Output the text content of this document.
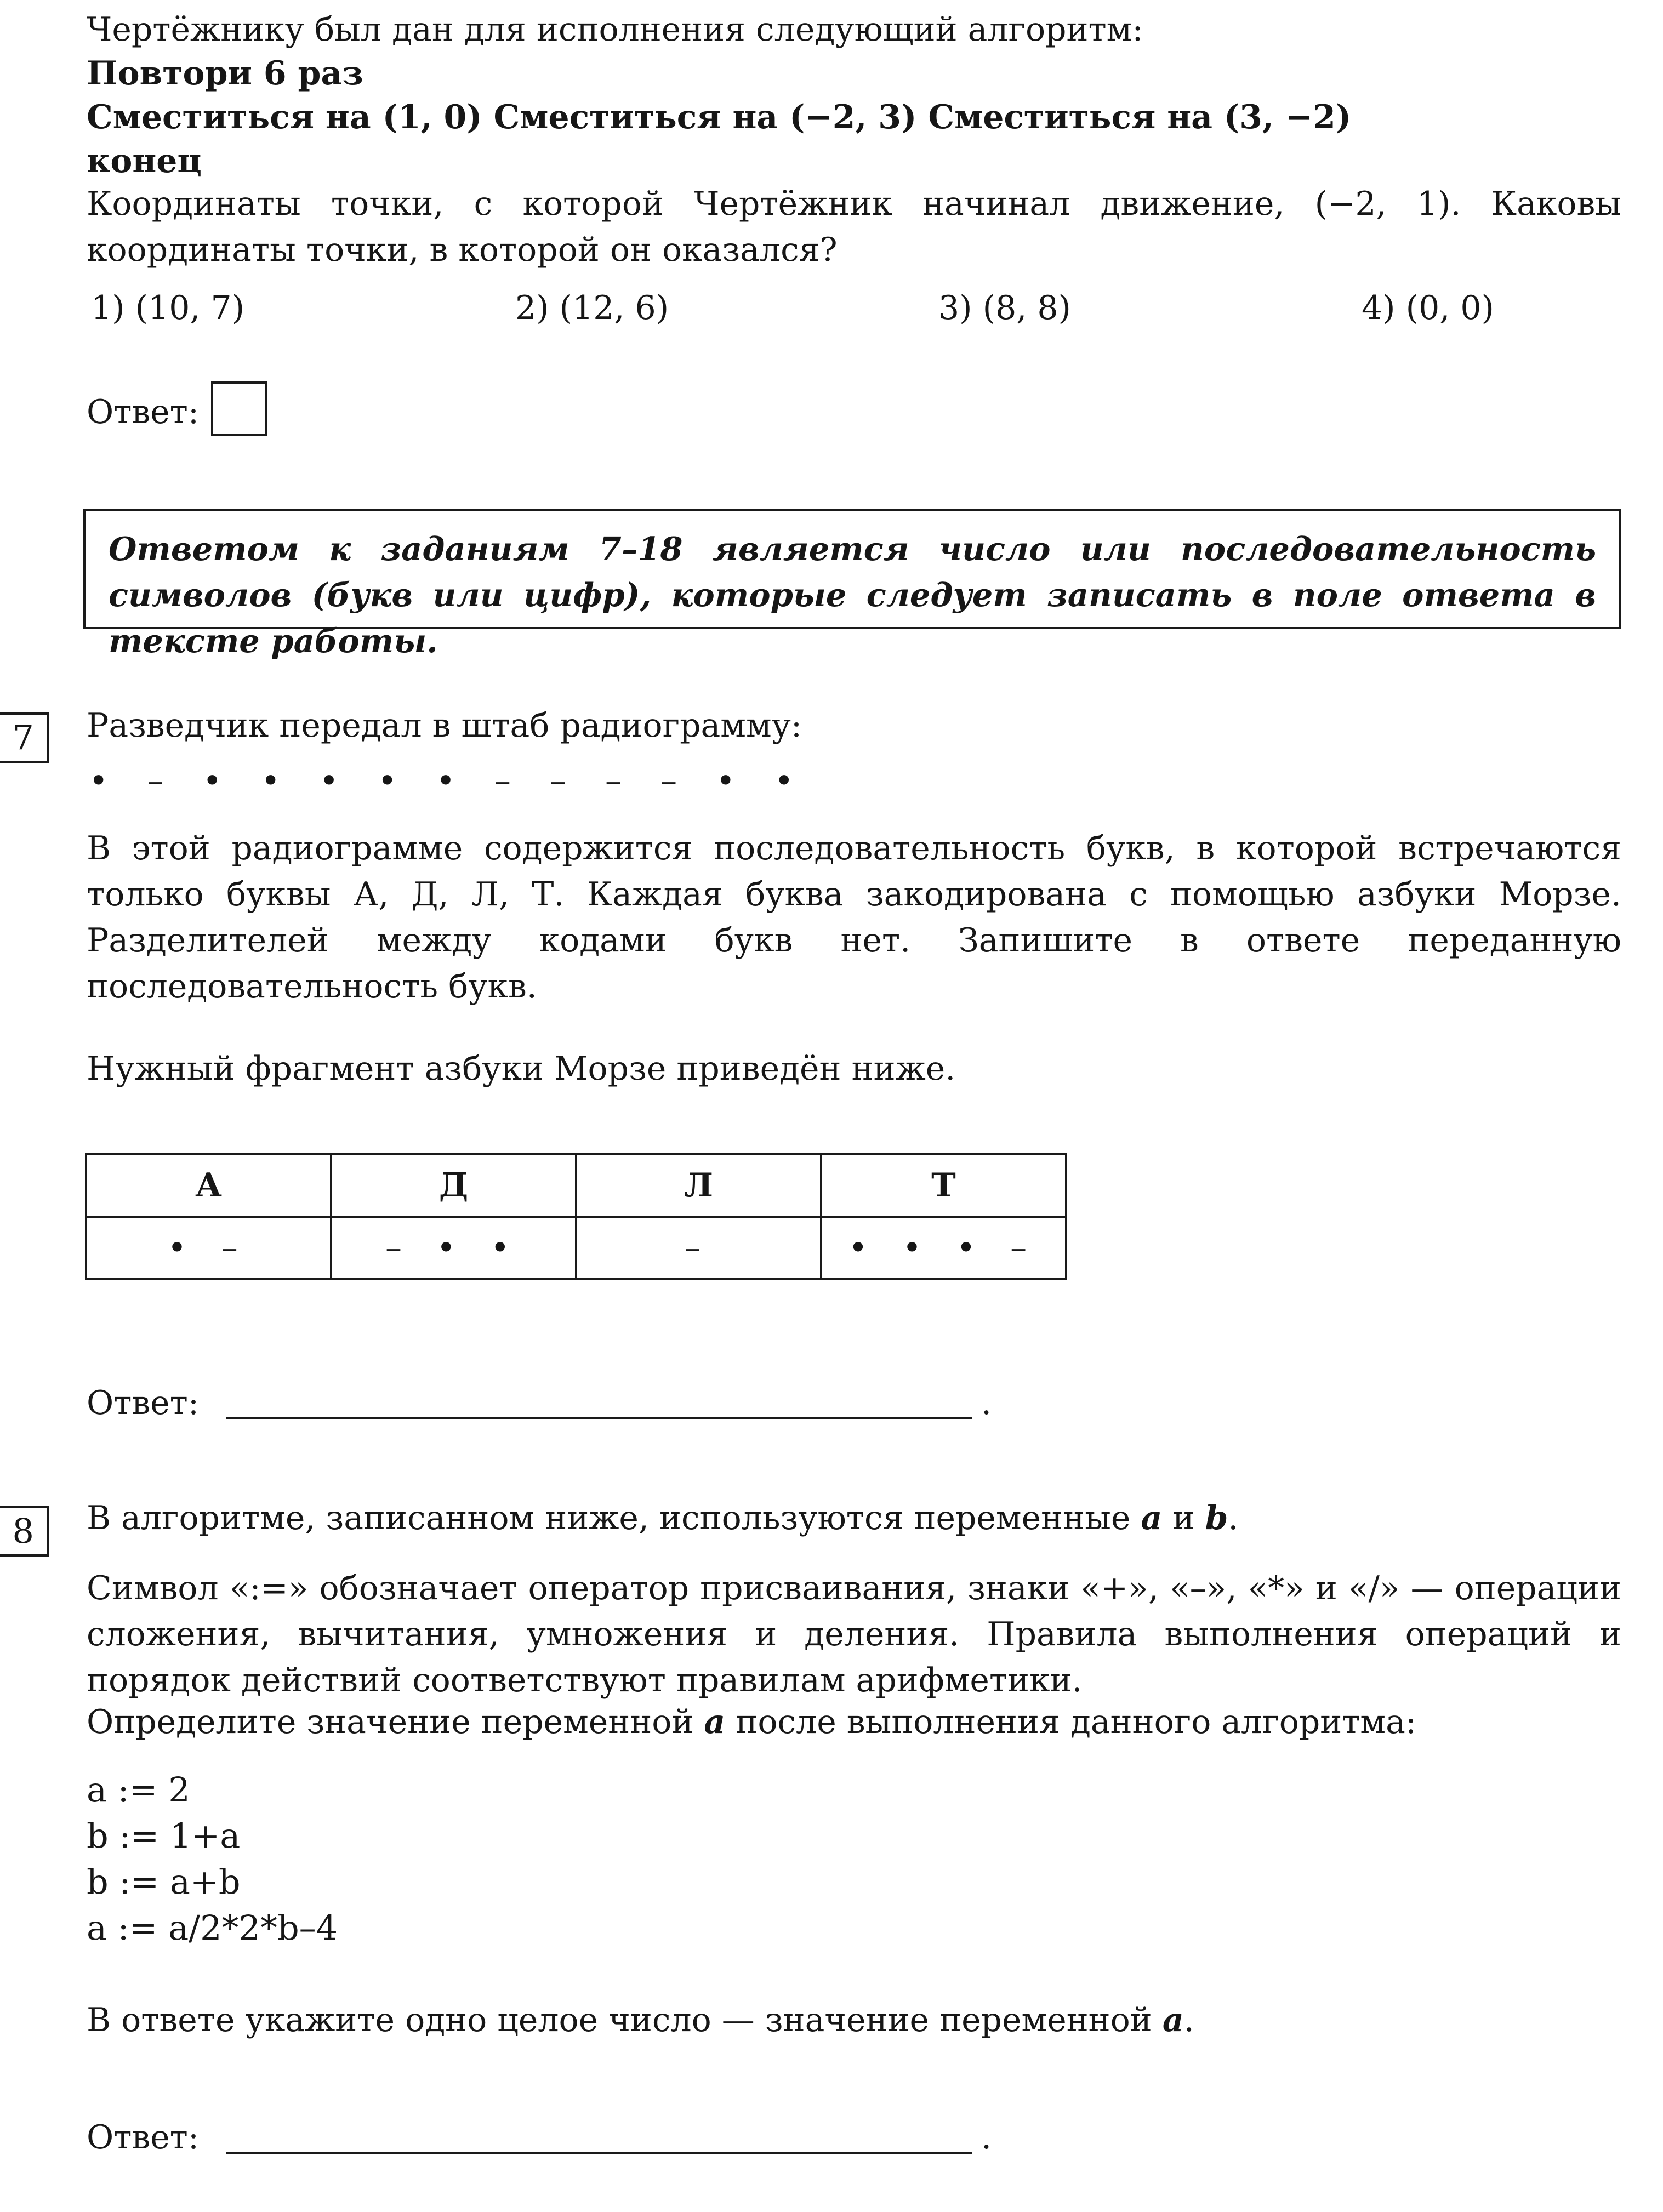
Чертёжнику был дан для исполнения следующий алгоритм:
Повтори 6 раз
Сместиться на (1, 0) Сместиться на (−2, 3) Сместиться на (3, −2)
конец

Координаты точки, с которой Чертёжник начинал движение, (−2, 1). Каковы координаты точки, в которой он оказался?

1) (10, 7)	2) (12, 6)	3) (8, 8)	4) (0, 0)
Ответ:
Ответом к заданиям 7–18 является число или последовательность символов (букв или цифр), которые следует записать в поле ответа в тексте работы.
7	Разведчик передал в штаб радиограмму:
• – • • • • • – – – – • •

В этой радиограмме содержится последовательность букв, в которой встречаются только буквы А, Д, Л, Т. Каждая буква закодирована с помощью азбуки Морзе. Разделителей между кодами букв нет. Запишите в ответе переданную последовательность букв.

Нужный фрагмент азбуки Морзе приведён ниже.
А	Д	Л	Т
• –	– • •	–	• • • –
Ответ:	.
8	В алгоритме, записанном ниже, используются переменные a и b.

Символ «:=» обозначает оператор присваивания, знаки «+», «–», «*» и «/» — операции сложения, вычитания, умножения и деления. Правила выполнения операций и порядок действий соответствуют правилам арифметики.

Определите значение переменной a после выполнения данного алгоритма:
a := 2
b := 1+a
b := a+b
a := a/2*2*b–4
В ответе укажите одно целое число — значение переменной a.
Ответ:	.
